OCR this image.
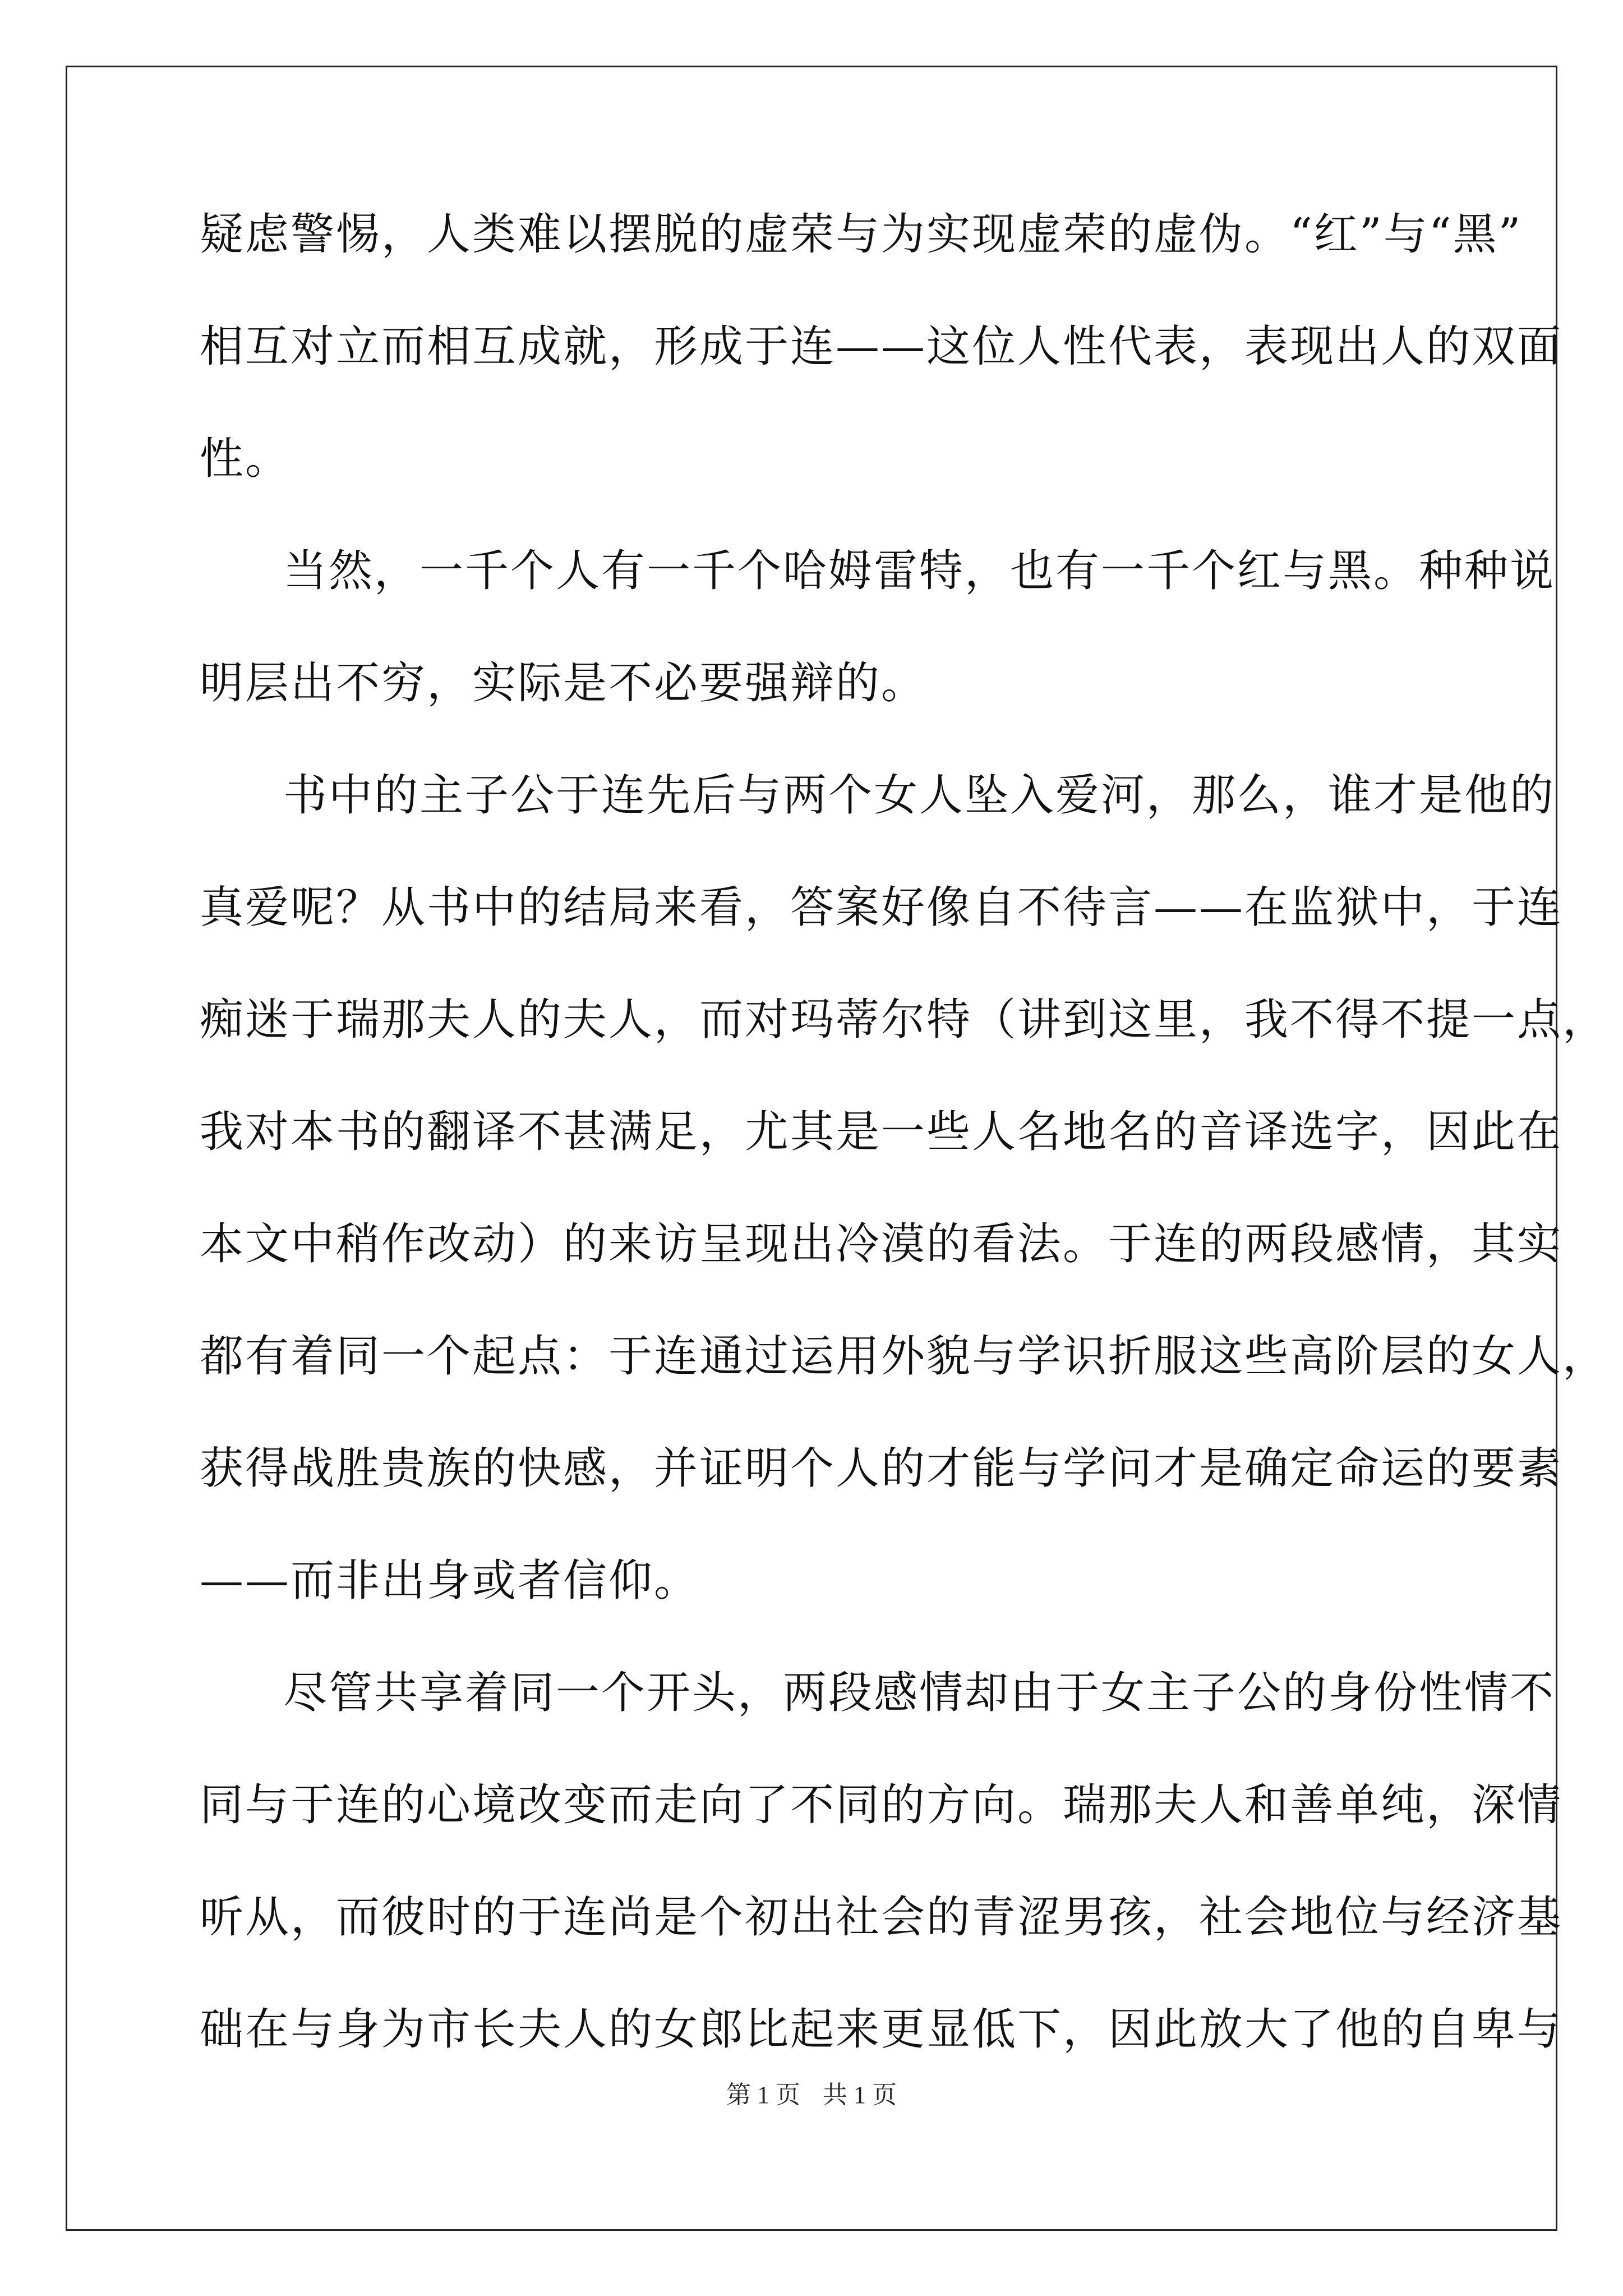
疑虑警惕，人类难以摆脱的虚荣与为实现虚荣的虚伪。“红”与“黑”
相互对立而相互成就，形成于连——这位人性代表，表现出人的双面
性。
当然，一千个人有一千个哈姆雷特，也有一千个红与黑。种种说
明层出不穷，实际是不必要强辩的。
书中的主子公于连先后与两个女人坠入爱河，那么，谁才是他的
真爱呢？从书中的结局来看，答案好像自不待言——在监狱中，于连
痴迷于瑞那夫人的夫人，而对玛蒂尔特（讲到这里，我不得不提一点，
我对本书的翻译不甚满足，尤其是一些人名地名的音译选字，因此在
本文中稍作改动）的来访呈现出冷漠的看法。于连的两段感情，其实
都有着同一个起点：于连通过运用外貌与学识折服这些高阶层的女人，
获得战胜贵族的快感，并证明个人的才能与学问才是确定命运的要素
——而非出身或者信仰。
尽管共享着同一个开头，两段感情却由于女主子公的身份性情不
同与于连的心境改变而走向了不同的方向。瑞那夫人和善单纯，深情
听从，而彼时的于连尚是个初出社会的青涩男孩，社会地位与经济基
础在与身为市长夫人的女郎比起来更显低下，因此放大了他的自卑与
第 1 页 共 1 页
